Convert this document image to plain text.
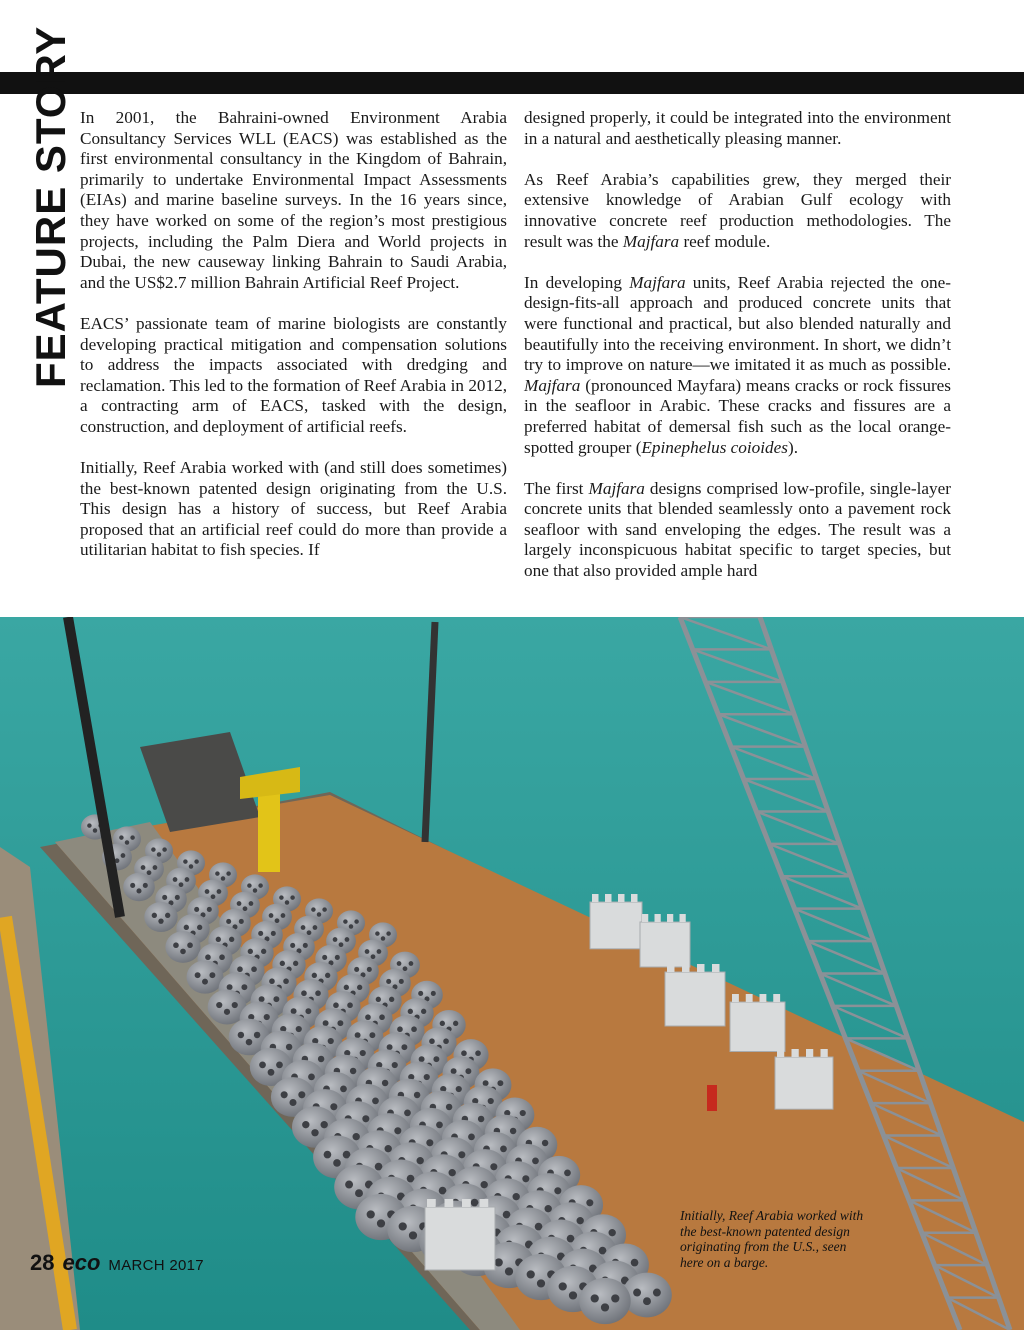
FEATURE STORY In 2001, the Bahraini-owned Environment Arabia Consultancy Services WLL (EACS) was established as the first environmental consultancy in the Kingdom of Bahrain, primarily to undertake Environmental Impact Assessments (EIAs) and marine baseline surveys. In the 16 years since, they have worked on some of the region’s most prestigious projects, including the Palm Diera and World projects in Dubai, the new causeway linking Bahrain to Saudi Arabia, and the US$2.7 million Bahrain Artificial Reef Project.

EACS’ passionate team of marine biologists are constantly developing practical mitigation and compensation solutions to address the impacts associated with dredging and reclamation. This led to the formation of Reef Arabia in 2012, a contracting arm of EACS, tasked with the design, construction, and deployment of artificial reefs.

Initially, Reef Arabia worked with (and still does sometimes) the best-known patented design originating from the U.S. This design has a history of success, but Reef Arabia proposed that an artificial reef could do more than provide a utilitarian habitat to fish species. If

designed properly, it could be integrated into the environment in a natural and aesthetically pleasing manner.

As Reef Arabia’s capabilities grew, they merged their extensive knowledge of Arabian Gulf ecology with innovative concrete reef production methodologies. The result was the Majfara reef module.

In developing Majfara units, Reef Arabia rejected the one-design-fits-all approach and produced concrete units that were functional and practical, but also blended naturally and beautifully into the receiving environment. In short, we didn’t try to improve on nature—we imitated it as much as possible. Majfara (pronounced Mayfara) means cracks or rock fissures in the seafloor in Arabic. These cracks and fissures are a preferred habitat of demersal fish such as the local orange-spotted grouper (Epinephelus coioides).

The first Majfara designs comprised low-profile, single-layer concrete units that blended seamlessly onto a pavement rock seafloor with sand enveloping the edges. The result was a largely inconspicuous habitat specific to target species, but one that also provided ample hard

Initially, Reef Arabia worked with the best-known patented design originating from the U.S., seen here on a barge.
28 eco MARCH 2017
